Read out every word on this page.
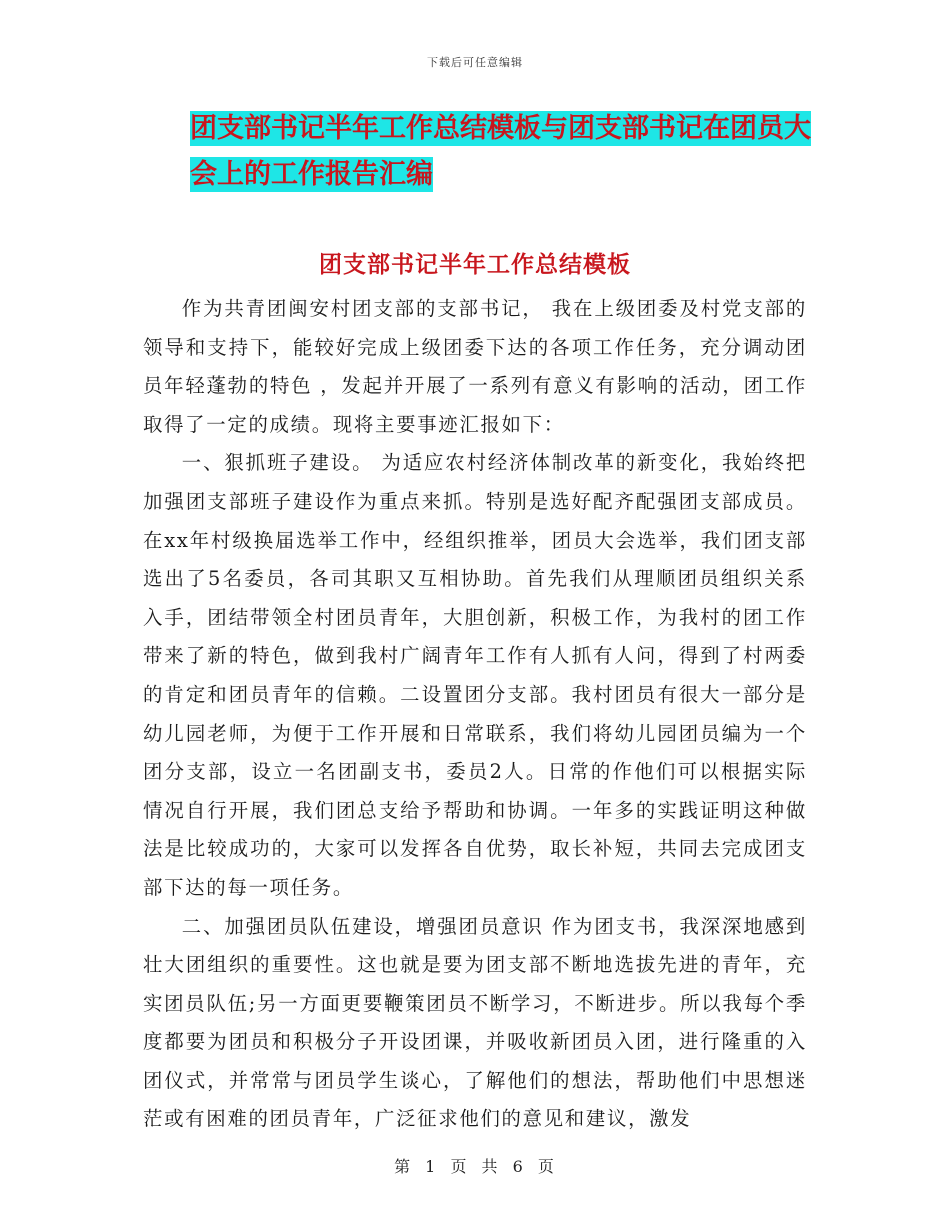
下载后可任意编辑
团支部书记半年工作总结模板与团支部书记在团员大
会上的工作报告汇编
团支部书记半年工作总结模板

作为共青团闽安村团支部的支部书记， 我在上级团委及村党支部的领导和支持下，能较好完成上级团委下达的各项工作任务，充分调动团员年轻蓬勃的特色 ，发起并开展了一系列有意义有影响的活动，团工作取得了一定的成绩。现将主要事迹汇报如下：

一、狠抓班子建设。 为适应农村经济体制改革的新变化，我始终把加强团支部班子建设作为重点来抓。特别是选好配齐配强团支部成员。在xx年村级换届选举工作中，经组织推举，团员大会选举，我们团支部选出了5名委员，各司其职又互相协助。首先我们从理顺团员组织关系入手，团结带领全村团员青年，大胆创新，积极工作，为我村的团工作带来了新的特色，做到我村广阔青年工作有人抓有人问，得到了村两委的肯定和团员青年的信赖。二设置团分支部。我村团员有很大一部分是幼儿园老师，为便于工作开展和日常联系，我们将幼儿园团员编为一个团分支部，设立一名团副支书，委员2人。日常的作他们可以根据实际情况自行开展，我们团总支给予帮助和协调。一年多的实践证明这种做法是比较成功的，大家可以发挥各自优势，取长补短，共同去完成团支部下达的每一项任务。

二、加强团员队伍建设，增强团员意识 作为团支书，我深深地感到壮大团组织的重要性。这也就是要为团支部不断地选拔先进的青年，充实团员队伍;另一方面更要鞭策团员不断学习，不断进步。所以我每个季度都要为团员和积极分子开设团课，并吸收新团员入团，进行隆重的入团仪式，并常常与团员学生谈心，了解他们的想法，帮助他们中思想迷茫或有困难的团员青年，广泛征求他们的意见和建议，激发

第 1 页 共 6 页
